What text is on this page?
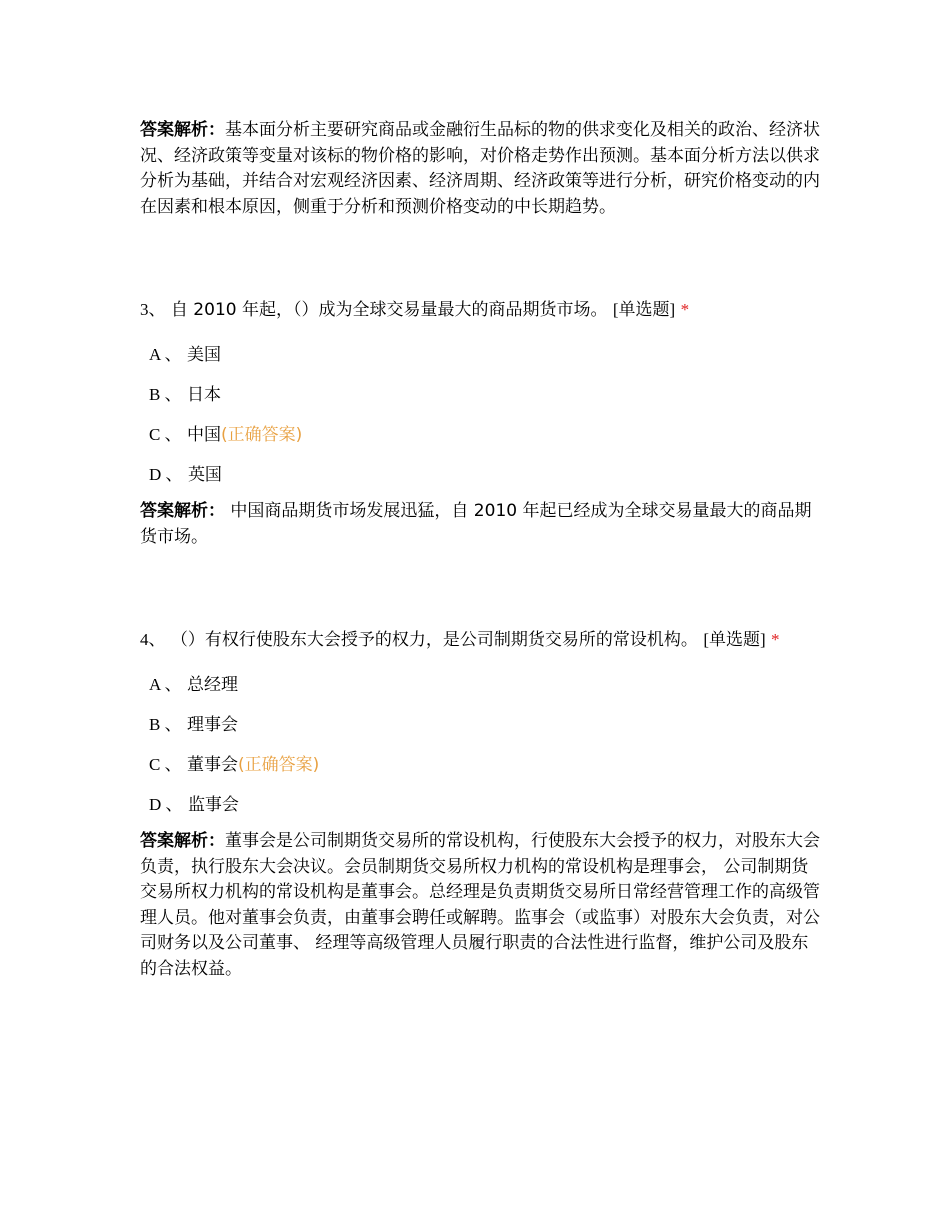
答案解析：基本面分析主要研究商品或金融衍生品标的物的供求变化及相关的政治、经济状况、经济政策等变量对该标的物价格的影响，对价格走势作出预测。基本面分析方法以供求分析为基础，并结合对宏观经济因素、经济周期、经济政策等进行分析，研究价格变动的内在因素和根本原因，侧重于分析和预测价格变动的中长期趋势。

3、 自 2010 年起，（）成为全球交易量最大的商品期货市场。 [单选题] *

A 、 美国
B 、 日本
C 、 中国(正确答案)
D 、 英国

答案解析： 中国商品期货市场发展迅猛，自 2010 年起已经成为全球交易量最大的商品期货市场。

4、 （）有权行使股东大会授予的权力，是公司制期货交易所的常设机构。 [单选题] *

A 、 总经理
B 、 理事会
C 、 董事会(正确答案)
D 、 监事会

答案解析：董事会是公司制期货交易所的常设机构，行使股东大会授予的权力，对股东大会负责，执行股东大会决议。会员制期货交易所权力机构的常设机构是理事会， 公司制期货交易所权力机构的常设机构是董事会。总经理是负责期货交易所日常经营管理工作的高级管理人员。他对董事会负责，由董事会聘任或解聘。监事会（或监事）对股东大会负责，对公司财务以及公司董事、 经理等高级管理人员履行职责的合法性进行监督，维护公司及股东的合法权益。
